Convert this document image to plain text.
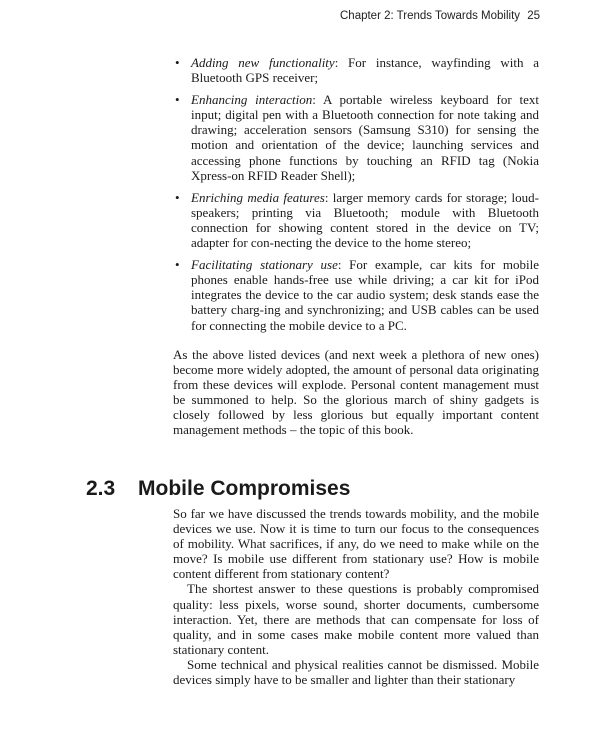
Chapter 2: Trends Towards Mobility 25
• Adding new functionality: For instance, wayfinding with a Bluetooth GPS receiver;
• Enhancing interaction: A portable wireless keyboard for text input; digital pen with a Bluetooth connection for note taking and drawing; acceleration sensors (Samsung S310) for sensing the motion and orientation of the device; launching services and accessing phone functions by touching an RFID tag (Nokia Xpress-on RFID Reader Shell);
• Enriching media features: larger memory cards for storage; loud-speakers; printing via Bluetooth; module with Bluetooth connection for showing content stored in the device on TV; adapter for con-necting the device to the home stereo;
• Facilitating stationary use: For example, car kits for mobile phones enable hands-free use while driving; a car kit for iPod integrates the device to the car audio system; desk stands ease the battery charg-ing and synchronizing; and USB cables can be used for connecting the mobile device to a PC.
As the above listed devices (and next week a plethora of new ones) become more widely adopted, the amount of personal data originating from these devices will explode. Personal content management must be summoned to help. So the glorious march of shiny gadgets is closely followed by less glorious but equally important content management methods – the topic of this book.
2.3 Mobile Compromises

So far we have discussed the trends towards mobility, and the mobile devices we use. Now it is time to turn our focus to the consequences of mobility. What sacrifices, if any, do we need to make while on the move? Is mobile use different from stationary use? How is mobile content different from stationary content?

The shortest answer to these questions is probably compromised quality: less pixels, worse sound, shorter documents, cumbersome interaction. Yet, there are methods that can compensate for loss of quality, and in some cases make mobile content more valued than stationary content.

Some technical and physical realities cannot be dismissed. Mobile devices simply have to be smaller and lighter than their stationary
